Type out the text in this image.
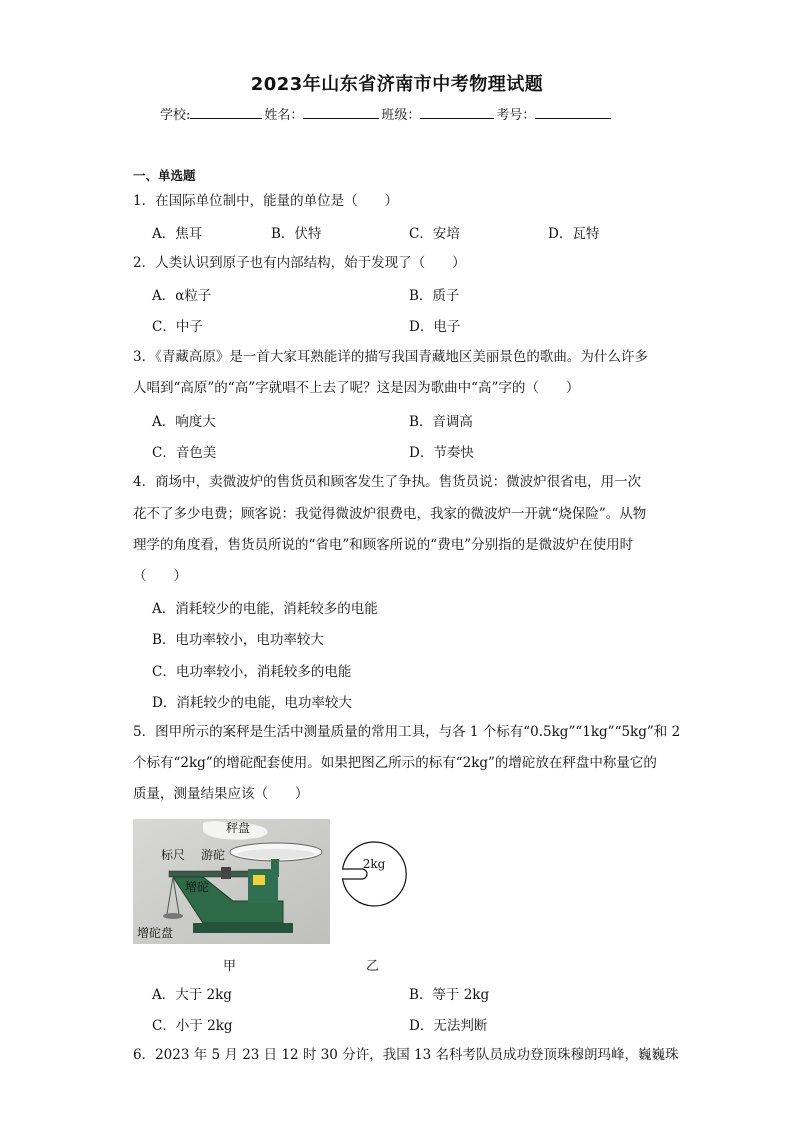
2023年山东省济南市中考物理试题
学校:	姓名：	班级：	考号：
一、单选题
1．在国际单位制中，能量的单位是（　　）
A．焦耳	B．伏特	C．安培	D．瓦特
2．人类认识到原子也有内部结构，始于发现了（　　）
A．α粒子	B．质子
C．中子	D．电子
3．《青藏高原》是一首大家耳熟能详的描写我国青藏地区美丽景色的歌曲。为什么许多
人唱到“高原”的“高”字就唱不上去了呢？这是因为歌曲中“高”字的（　　）
A．响度大	B．音调高
C．音色美	D．节奏快
4．商场中，卖微波炉的售货员和顾客发生了争执。售货员说：微波炉很省电，用一次
花不了多少电费；顾客说：我觉得微波炉很费电，我家的微波炉一开就“烧保险”。从物
理学的角度看，售货员所说的“省电”和顾客所说的“费电”分别指的是微波炉在使用时
（　　）
A．消耗较少的电能，消耗较多的电能
B．电功率较小，电功率较大
C．电功率较小，消耗较多的电能
D．消耗较少的电能，电功率较大
5．图甲所示的案秤是生活中测量质量的常用工具，与各 1 个标有“0.5kg”“1kg”“5kg”和 2
个标有“2kg”的增砣配套使用。如果把图乙所示的标有“2kg”的增砣放在秤盘中称量它的
质量，测量结果应该（　　）
秤盘
标尺 游砣
增砣
增砣盘
2kg
甲	乙
A．大于 2kg	B．等于 2kg
C．小于 2kg	D．无法判断
6．2023 年 5 月 23 日 12 时 30 分许，我国 13 名科考队员成功登顶珠穆朗玛峰，巍巍珠
